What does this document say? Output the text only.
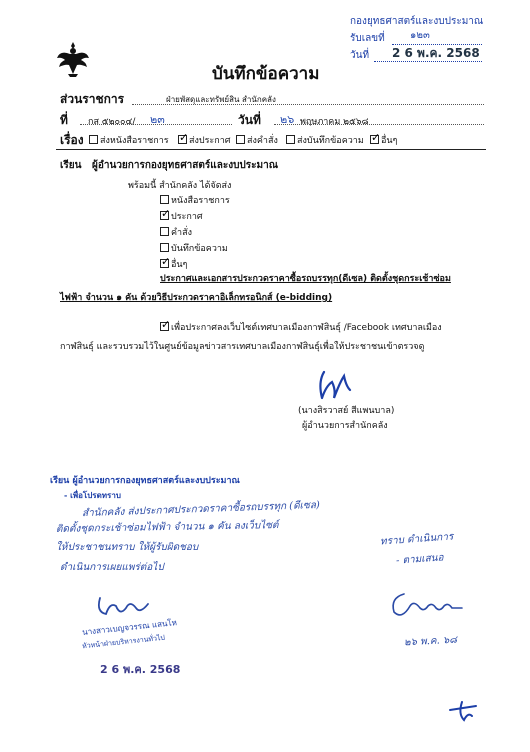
กองยุทธศาสตร์และงบประมาณ
รับเลขที่	๑๒๓
วันที่ 2 6 พ.ค. 2568
บันทึกข้อความ
ส่วนราชการ	ฝ่ายพัสดุและทรัพย์สิน สำนักคลัง
ที่ กส ๕๒๐๐๔/ ๒๓	วันที่ ๒๖ พฤษภาคม ๒๕๖๘
เรื่อง ส่งหนังสือราชการ ✓ ส่งประกาศ ส่งคำสั่ง ส่งบันทึกข้อความ ✓ อื่นๆ
เรียน ผู้อำนวยการกองยุทธศาสตร์และงบประมาณ
พร้อมนี้ สำนักคลัง ได้จัดส่ง
หนังสือราชการ
✓
ประกาศ
คำสั่ง
บันทึกข้อความ
✓
อื่นๆ
ประกาศและเอกสารประกวดราคาซื้อรถบรรทุก(ดีเซล) ติดตั้งชุดกระเช้าซ่อม
ไฟฟ้า จำนวน ๑ คัน ด้วยวิธีประกวดราคาอิเล็กทรอนิกส์ (e-bidding)
✓
เพื่อประกาศลงเว็บไซต์เทศบาลเมืองกาฬสินธุ์ /Facebook เทศบาลเมือง
กาฬสินธุ์ และรวบรวมไว้ในศูนย์ข้อมูลข่าวสารเทศบาลเมืองกาฬสินธุ์เพื่อให้ประชาชนเข้าตรวจดู
(นางสิรวาสย์ สีแพนบาล)
ผู้อำนวยการสำนักคลัง
เรียน ผู้อำนวยการกองยุทธศาสตร์และงบประมาณ
- เพื่อโปรดทราบ
สำนักคลัง ส่งประกาศประกวดราคาซื้อรถบรรทุก (ดีเซล)
ติดตั้งชุดกระเช้าซ่อมไฟฟ้า จำนวน ๑ คัน ลงเว็บไซต์
ให้ประชาชนทราบ ให้ผู้รับผิดชอบ
ดำเนินการเผยแพร่ต่อไป
นางสาวเบญจวรรณ แสนโห
หัวหน้าฝ่ายบริหารงานทั่วไป
2 6 พ.ค. 2568
ทราบ ดำเนินการ
- ตามเสนอ
๒๖ พ.ค. ๖๘
